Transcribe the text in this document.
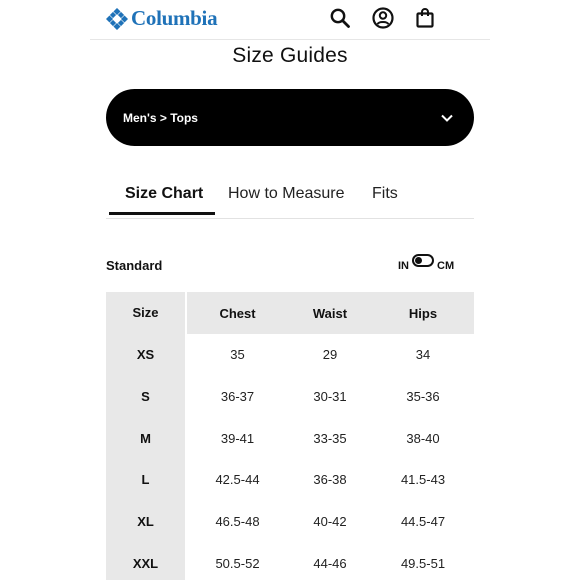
Columbia
Size Guides
Men's > Tops
Size Chart How to Measure Fits
Standard	IN	CM
Size	Chest	Waist	Hips
XS	35	29	34
S	36-37	30-31	35-36
M	39-41	33-35	38-40
L	42.5-44	36-38	41.5-43
XL	46.5-48	40-42	44.5-47
XXL	50.5-52	44-46	49.5-51
